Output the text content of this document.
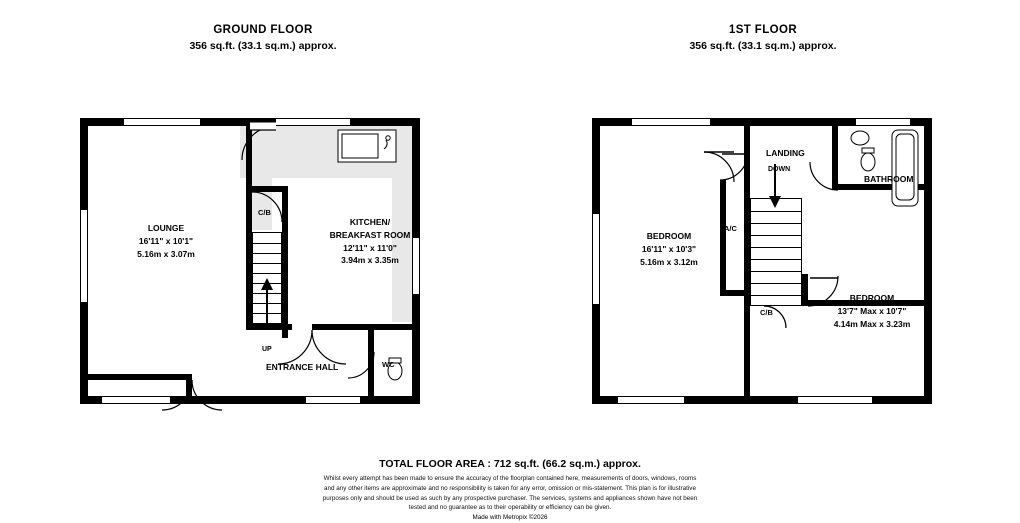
GROUND FLOOR
356 sq.ft. (33.1 sq.m.) approx.
1ST FLOOR
356 sq.ft. (33.1 sq.m.) approx.
LOUNGE
16'11" x 10'1"
5.16m x 3.07m
KITCHEN/
BREAKFAST ROOM
12'11" x 11'0"
3.94m x 3.35m
C/B
ENTRANCE HALL	WC
UP
BEDROOM
16'11" x 10'3"
5.16m x 3.12m
BEDROOM
13'7" Max x 10'7"
4.14m Max x 3.23m
LANDING
DOWN
BATHROOM
A/C
C/B
TOTAL FLOOR AREA : 712 sq.ft. (66.2 sq.m.) approx.
Whilst every attempt has been made to ensure the accuracy of the floorplan contained here, measurements of doors, windows, rooms and any other items are approximate and no responsibility is taken for any error, omission or mis-statement. This plan is for illustrative purposes only and should be used as such by any prospective purchaser. The services, systems and appliances shown have not been tested and no guarantee as to their operability or efficiency can be given.
Made with Metropix ©2026
